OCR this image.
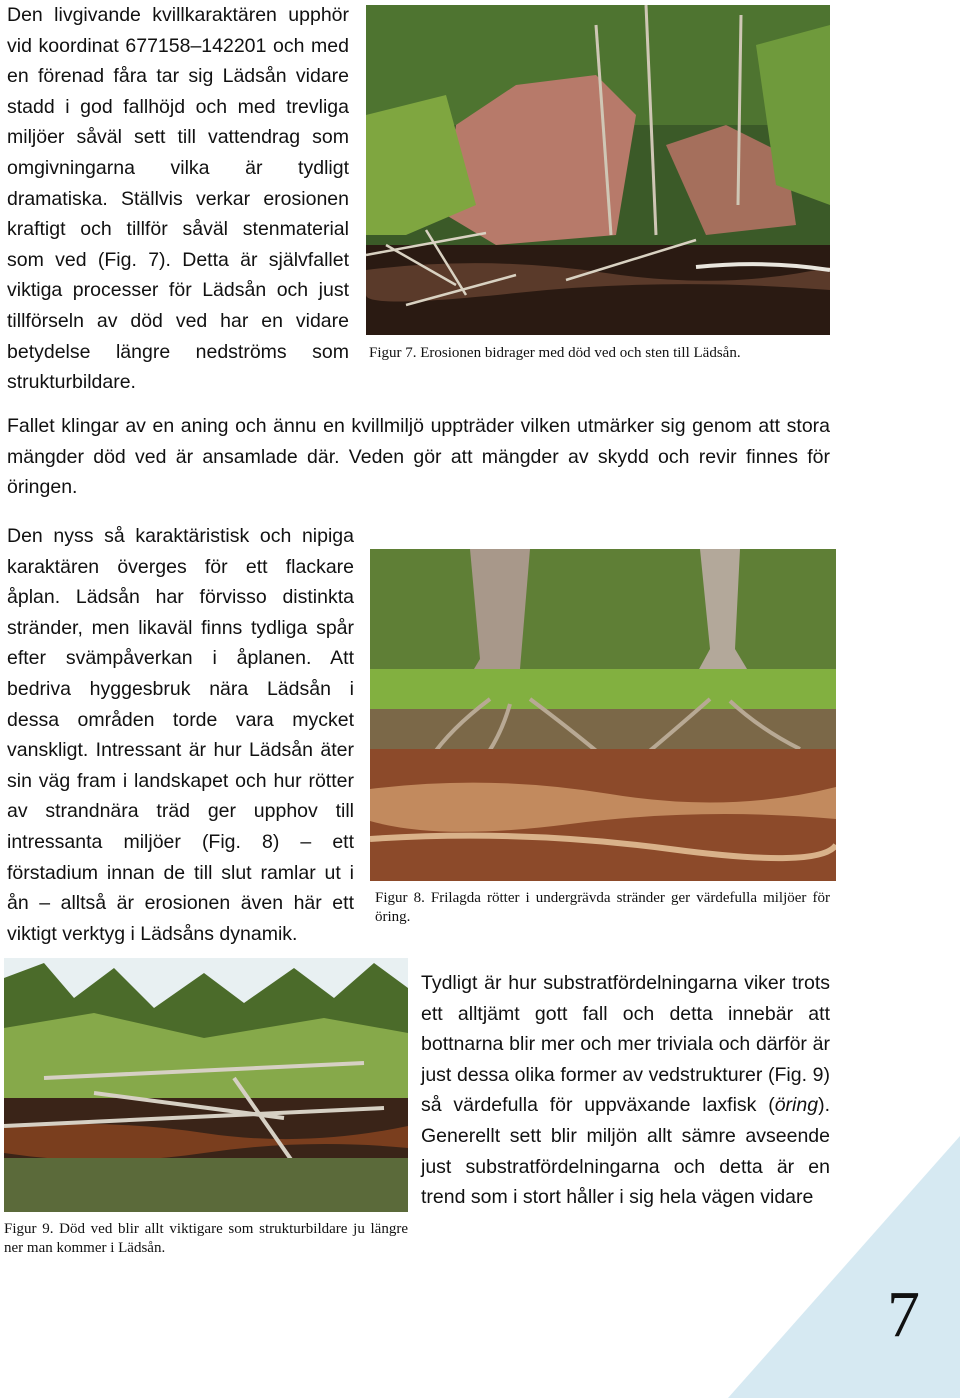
Den livgivande kvillkaraktären upphör vid koordinat 677158–142201 och med en förenad fåra tar sig Lädsån vidare stadd i god fallhöjd och med trevliga miljöer såväl sett till vattendrag som omgivningarna vilka är tydligt dramatiska. Ställvis verkar erosionen kraftigt och tillför såväl stenmaterial som ved (Fig. 7). Detta är självfallet viktiga processer för Lädsån och just tillförseln av död ved har en vidare betydelse längre nedströms som strukturbildare.

Figur 7. Erosionen bidrager med död ved och sten till Lädsån.

Fallet klingar av en aning och ännu en kvillmiljö uppträder vilken utmärker sig genom att stora mängder död ved är ansamlade där. Veden gör att mängder av skydd och revir finnes för öringen.

Den nyss så karaktäristisk och nipiga karaktären överges för ett flackare åplan. Lädsån har förvisso distinkta stränder, men likaväl finns tydliga spår efter svämpåverkan i åplanen. Att bedriva hyggesbruk nära Lädsån i dessa områden torde vara mycket vanskligt. Intressant är hur Lädsån äter sin väg fram i landskapet och hur rötter av strandnära träd ger upphov till intressanta miljöer (Fig. 8) – ett förstadium innan de till slut ramlar ut i ån – alltså är erosionen även här ett viktigt verktyg i Lädsåns dynamik.

Figur 8. Frilagda rötter i undergrävda stränder ger värdefulla miljöer för öring.

Figur 9. Död ved blir allt viktigare som strukturbildare ju längre ner man kommer i Lädsån.

Tydligt är hur substratfördelningarna viker trots ett alltjämt gott fall och detta innebär att bottnarna blir mer och mer triviala och därför är just dessa olika former av vedstrukturer (Fig. 9) så värdefulla för uppväxande laxfisk (öring). Generellt sett blir miljön allt sämre avseende just substratfördelningarna och detta är en trend som i stort håller i sig hela vägen vidare

7
